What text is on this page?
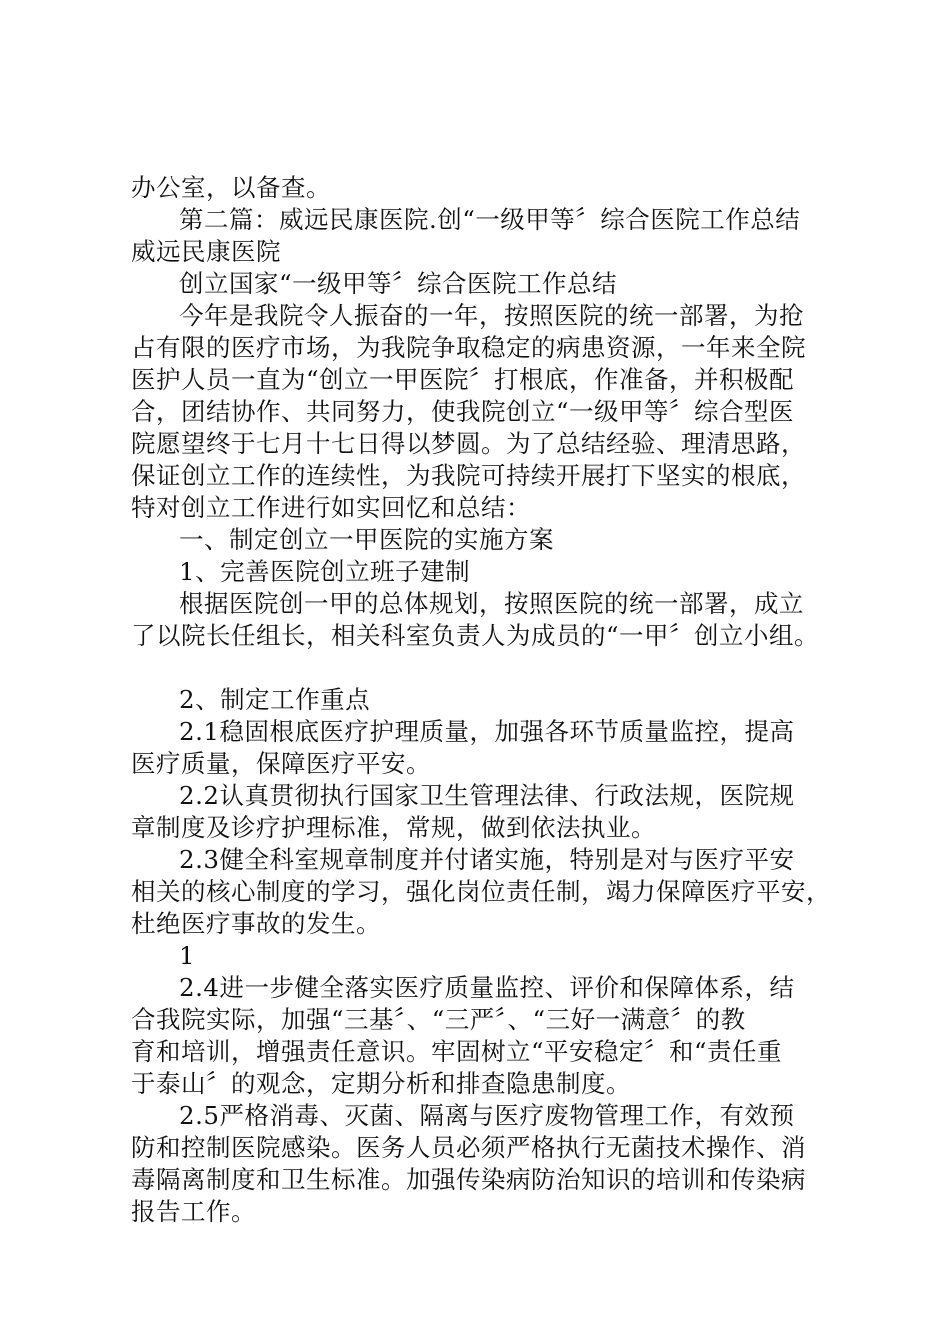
办公室，以备查。
第二篇：威远民康医院.创“一级甲等〞综合医院工作总结
威远民康医院
创立国家“一级甲等〞综合医院工作总结
今年是我院令人振奋的一年，按照医院的统一部署，为抢
占有限的医疗市场，为我院争取稳定的病患资源，一年来全院
医护人员一直为“创立一甲医院〞打根底，作准备，并积极配
合，团结协作、共同努力，使我院创立“一级甲等〞综合型医
院愿望终于七月十七日得以梦圆。为了总结经验、理清思路，
保证创立工作的连续性，为我院可持续开展打下坚实的根底，
特对创立工作进行如实回忆和总结：
一、制定创立一甲医院的实施方案
1、完善医院创立班子建制
根据医院创一甲的总体规划，按照医院的统一部署，成立
了以院长任组长，相关科室负责人为成员的“一甲〞创立小组。
2、制定工作重点
2.1稳固根底医疗护理质量，加强各环节质量监控，提高
医疗质量，保障医疗平安。
2.2认真贯彻执行国家卫生管理法律、行政法规，医院规
章制度及诊疗护理标准，常规，做到依法执业。
2.3健全科室规章制度并付诸实施，特别是对与医疗平安
相关的核心制度的学习，强化岗位责任制，竭力保障医疗平安，
杜绝医疗事故的发生。
1
2.4进一步健全落实医疗质量监控、评价和保障体系，结
合我院实际，加强“三基〞、“三严〞、“三好一满意〞的教
育和培训，增强责任意识。牢固树立“平安稳定〞和“责任重
于泰山〞的观念，定期分析和排查隐患制度。
2.5严格消毒、灭菌、隔离与医疗废物管理工作，有效预
防和控制医院感染。医务人员必须严格执行无菌技术操作、消
毒隔离制度和卫生标准。加强传染病防治知识的培训和传染病
报告工作。
